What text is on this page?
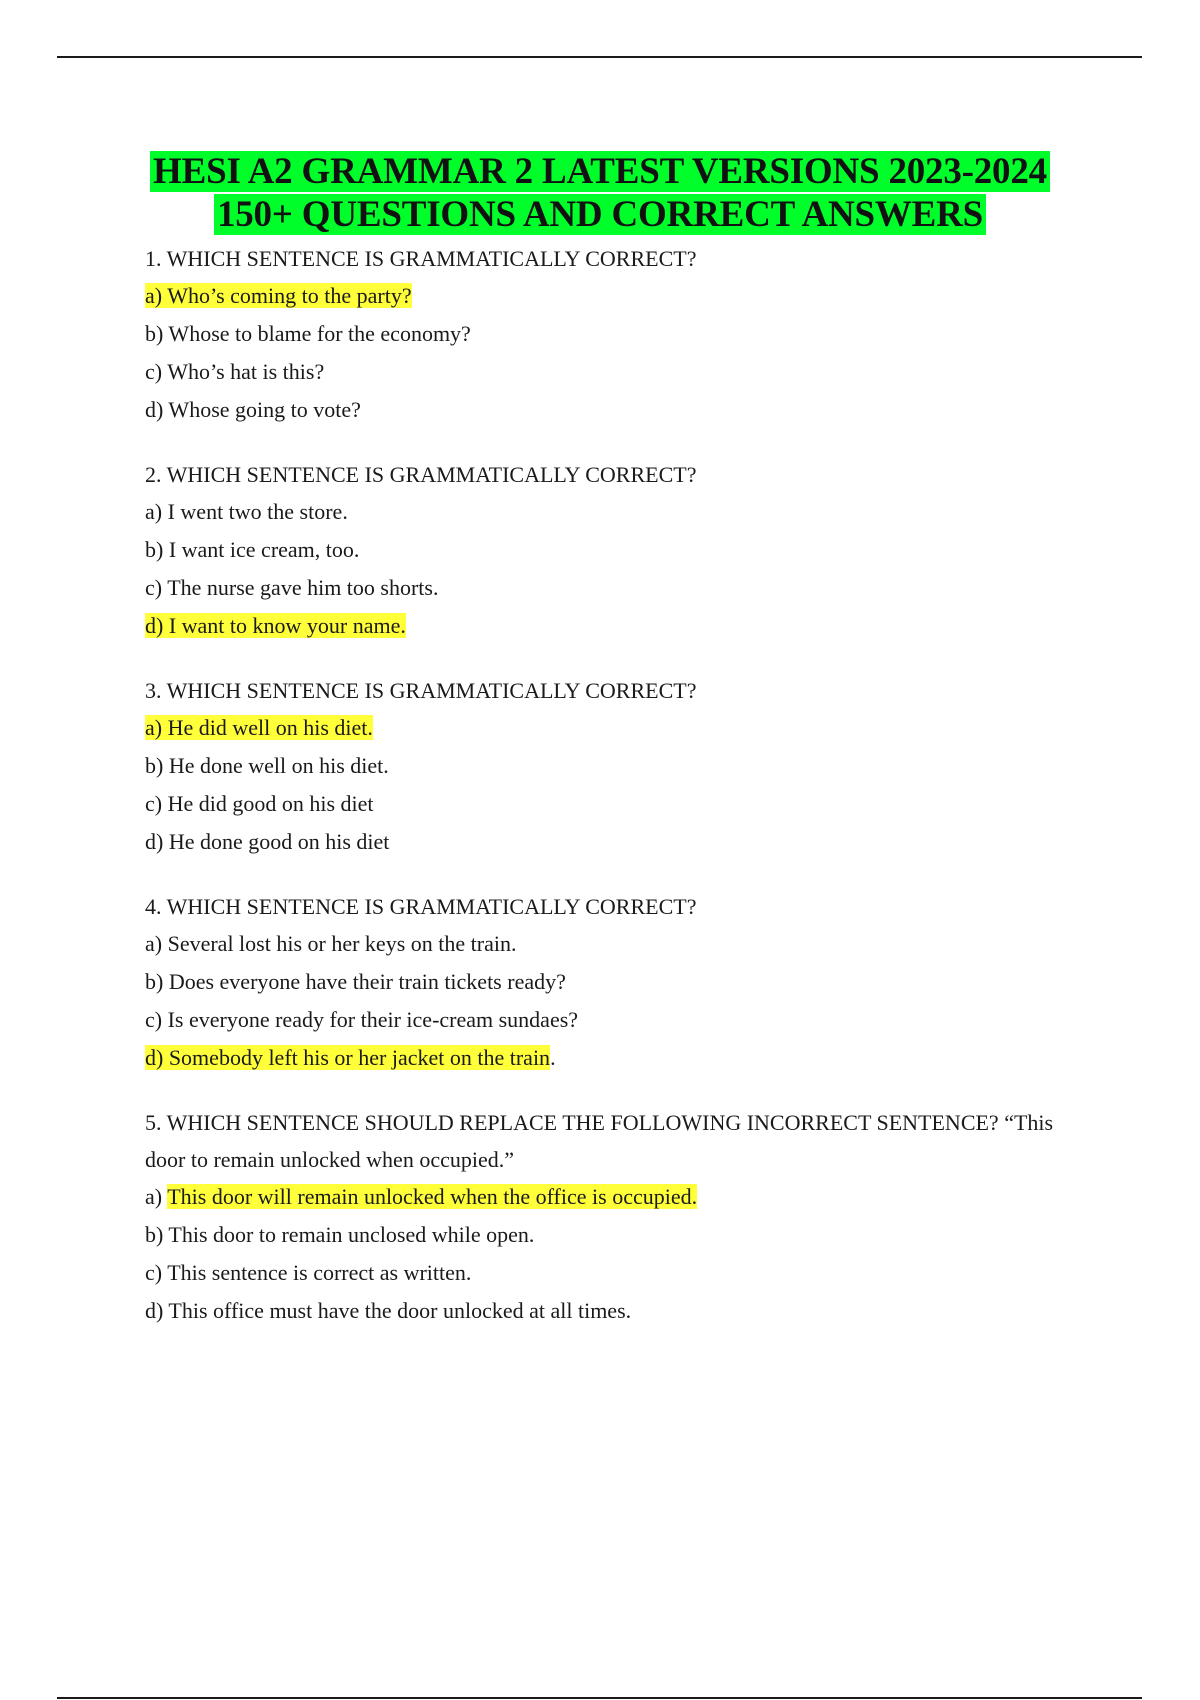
HESI A2 GRAMMAR 2 LATEST VERSIONS 2023-2024
150+ QUESTIONS AND CORRECT ANSWERS
1. WHICH SENTENCE IS GRAMMATICALLY CORRECT?
a) Who’s coming to the party?
b) Whose to blame for the economy?
c) Who’s hat is this?
d) Whose going to vote?
2. WHICH SENTENCE IS GRAMMATICALLY CORRECT?
a) I went two the store.
b) I want ice cream, too.
c) The nurse gave him too shorts.
d) I want to know your name.
3. WHICH SENTENCE IS GRAMMATICALLY CORRECT?
a) He did well on his diet.
b) He done well on his diet.
c) He did good on his diet
d) He done good on his diet
4. WHICH SENTENCE IS GRAMMATICALLY CORRECT?
a) Several lost his or her keys on the train.
b) Does everyone have their train tickets ready?
c) Is everyone ready for their ice-cream sundaes?
d) Somebody left his or her jacket on the train.
5. WHICH SENTENCE SHOULD REPLACE THE FOLLOWING INCORRECT SENTENCE? “This door to remain unlocked when occupied.”
a) This door will remain unlocked when the office is occupied.
b) This door to remain unclosed while open.
c) This sentence is correct as written.
d) This office must have the door unlocked at all times.
